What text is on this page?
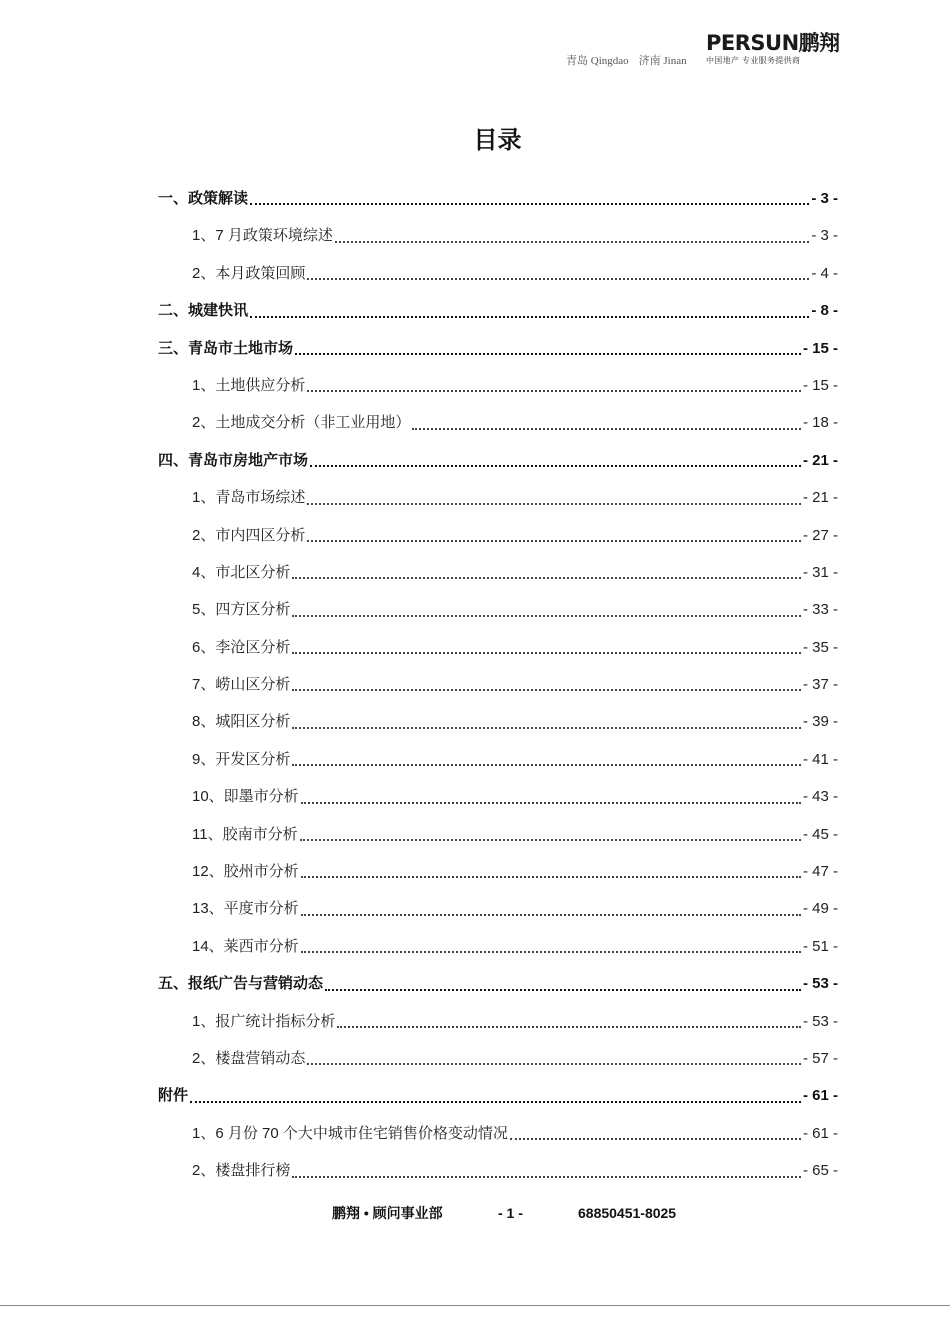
青岛 Qingdao 济南 Jinan
PERSUN鹏翔
中国地产 专业服务提供商
目录
一、政策解读	- 3 -
1、7 月政策环境综述	- 3 -
2、本月政策回顾	- 4 -
二、城建快讯	- 8 -
三、青岛市土地市场	- 15 -
1、土地供应分析	- 15 -
2、土地成交分析（非工业用地）	- 18 -
四、青岛市房地产市场	- 21 -
1、青岛市场综述	- 21 -
2、市内四区分析	- 27 -
4、市北区分析	- 31 -
5、四方区分析	- 33 -
6、李沧区分析	- 35 -
7、崂山区分析	- 37 -
8、城阳区分析	- 39 -
9、开发区分析	- 41 -
10、即墨市分析	- 43 -
11、胶南市分析	- 45 -
12、胶州市分析	- 47 -
13、平度市分析	- 49 -
14、莱西市分析	- 51 -
五、报纸广告与营销动态	- 53 -
1、报广统计指标分析	- 53 -
2、楼盘营销动态	- 57 -
附件	- 61 -
1、6 月份 70 个大中城市住宅销售价格变动情况	- 61 -
2、楼盘排行榜	- 65 -
鹏翔 • 顾问事业部	- 1 -	68850451-8025
